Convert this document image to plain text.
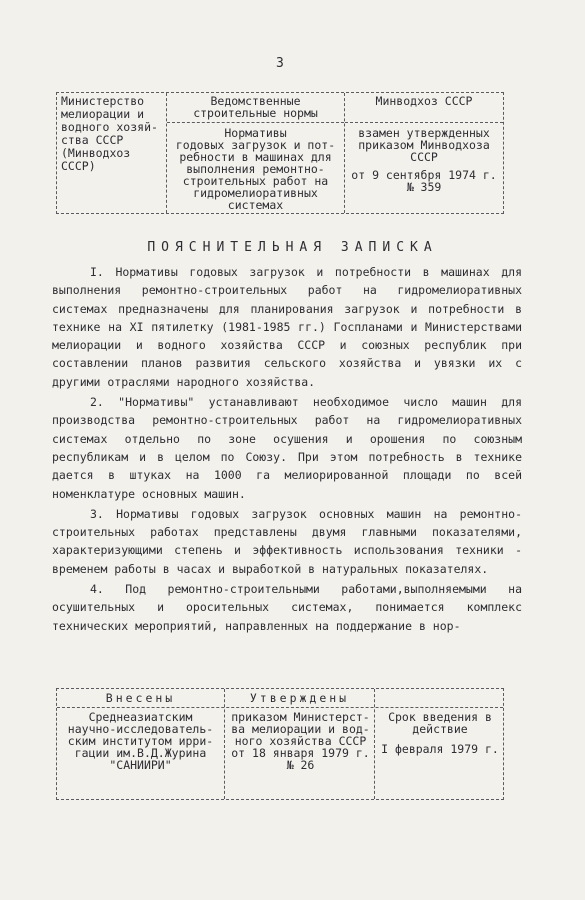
3
Министерство
мелиорации и
водного хозяй-
ства СССР
(Минводхоз
СССР)
Ведомственные
строительные нормы
Нормативы
годовых загрузок и пот-
ребности в машинах для
выполнения ремонтно-
строительных работ на
гидромелиоративных
системах
Минводхоз СССР
взамен утвержденных
приказом Минводхоза
СССР
от 9 сентября 1974 г.
№ 359
ПОЯСНИТЕЛЬНАЯ ЗАПИСКА

I. Нормативы годовых загрузок и потребности в машинах для выполнения ремонтно-строительных работ на гидромелиоративных системах предназначены для планирования загрузок и потребности в технике на XI пятилетку (1981-1985 гг.) Госпланами и Министерствами мелиорации и водного хозяйства СССР и союзных республик при составлении планов развития сельского хозяйства и увязки их с другими отраслями народного хозяйства.

2. "Нормативы" устанавливают необходимое число машин для производства ремонтно-строительных работ на гидромелиоративных системах отдельно по зоне осушения и орошения по союзным республикам и в целом по Союзу. При этом потребность в технике дается в штуках на 1000 га мелиорированной площади по всей номенклатуре основных машин.

3. Нормативы годовых загрузок основных машин на ремонтно-строительных работах представлены двумя главными показателями, характеризующими степень и эффективность использования техники - временем работы в часах и выработкой в натуральных показателях.

4. Под ремонтно-строительными работами,выполняемыми на осушительных и оросительных системах, понимается комплекс технических мероприятий, направленных на поддержание в нор-

Внесены
Среднеазиатским
научно-исследователь-
ским институтом ирри-
гации им.В.Д.Журина
"САНИИРИ"
Утверждены
приказом Министерст-
ва мелиорации и вод-
ного хозяйства СССР
от 18 января 1979 г.
№ 26
Срок введения в
действие
I февраля 1979 г.
